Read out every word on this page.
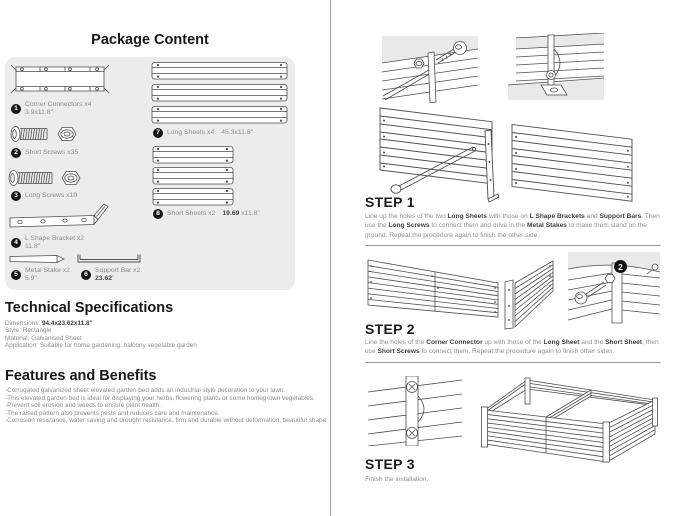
Package Content
1
Corner Connectors x4
3.9x11.8"
2	Short Screws x35
3	Long Screws x10
4
L Shape Bracket x2
11.8"
5
Metal Stake x2
5.9"
6
Support Bar x2
23.62"
7	Long Sheets x4 45.3x11.8"
8	Short Sheets x2 19.69 x11.8"
Technical Specifications
Dimensions: 94.4x23.62x11.8"
Style: Rectangle
Material: Galvanised Sheet
Application: Suitable for home gardening, balcony vegetable garden
Features and Benefits
-Corrugated galvanized sheet elevated garden bed adds an industrial style decoration to your lawn.
-This elevated garden bed is ideal for displaying your herbs, flowering plants or some homegrown vegetables.
-Prevent soil erosion and weeds to ensure plant health.
-The raised pattern also prevents pests and reduces care and maintenance.
-Corrosion resistance, water saving and drought resistance, firm and durable without deformation, beautiful shape
STEP 1
Line up the holes of the two Long Sheets with those on L Shape Brackets and Support Bars. Then use the Long Screws to connect them and drive in the Metal Stakes to make them stand on the ground. Repeat the procedure again to finish the other side.
2
STEP 2
Line the holes of the Corner Connector up with those of the Long Sheet and the Short Sheet, then use Short Screws to connect them. Repeat the procedure again to finish other sides.
STEP 3
Finish the installation.
